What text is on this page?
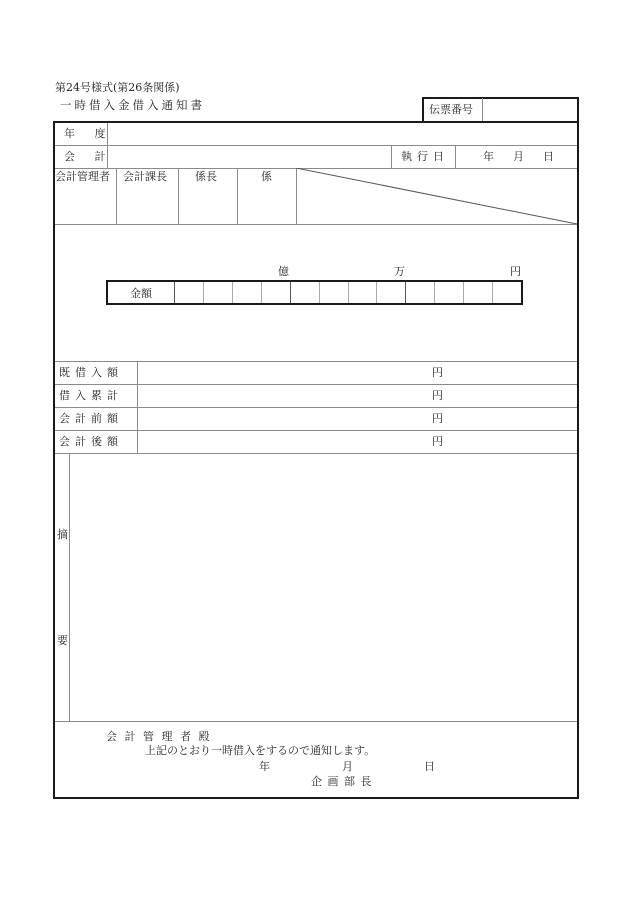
第24号様式(第26条関係)
一時借入金借入通知書	伝票番号
年 度
会 計	執行日	年 月 日
会計管理者 会計課長	係長	係
億	万	円
金額
既借入額	円
借入累計	円
会計前額	円
会計後額	円
摘
要
会 計 管 理 者 殿
上記のとおり一時借入をするので通知します。
年	月	日
企 画 部 長
